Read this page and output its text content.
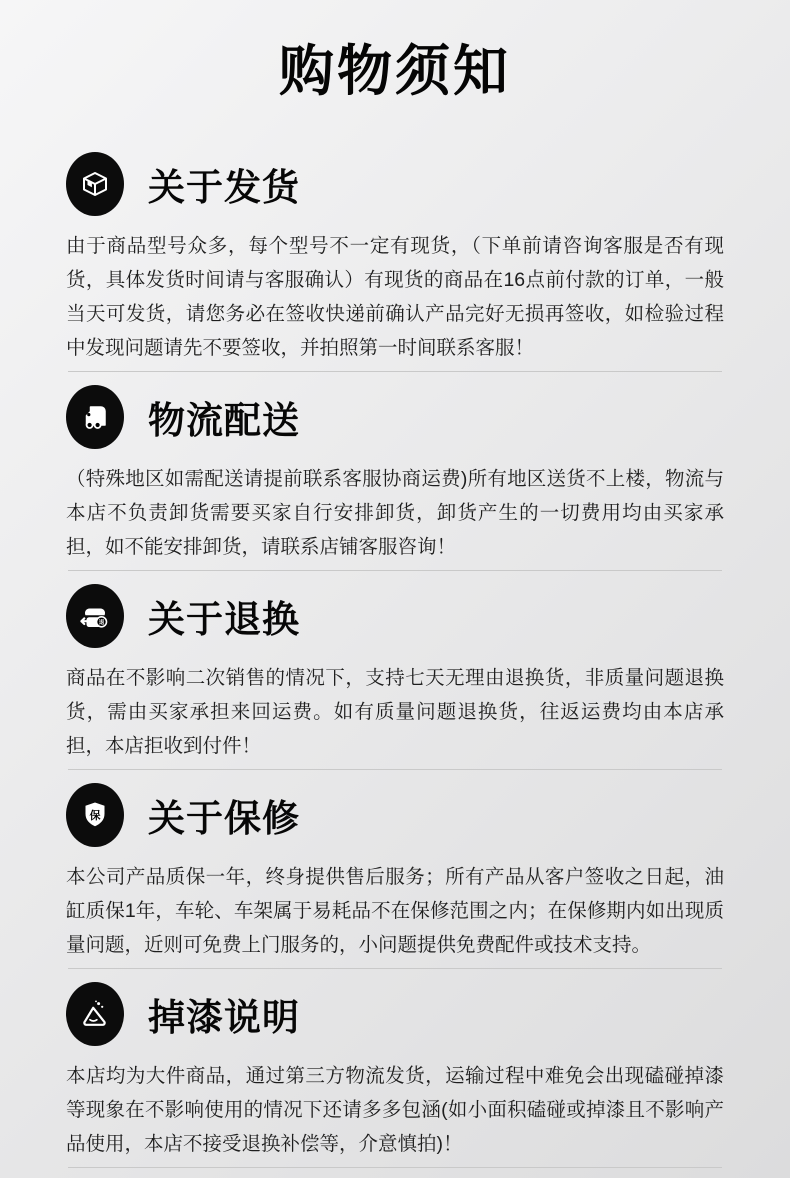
购物须知
关于发货

由于商品型号众多，每个型号不一定有现货，（下单前请咨询客服是否有现货，具体发货时间请与客服确认）有现货的商品在16点前付款的订单，一般当天可发货，请您务必在签收快递前确认产品完好无损再签收，如检验过程中发现问题请先不要签收，并拍照第一时间联系客服！

物流配送

（特殊地区如需配送请提前联系客服协商运费)所有地区送货不上楼，物流与本店不负责卸货需要买家自行安排卸货，卸货产生的一切费用均由买家承担，如不能安排卸货，请联系店铺客服咨询！

退 关于退换

商品在不影响二次销售的情况下，支持七天无理由退换货，非质量问题退换货，需由买家承担来回运费。如有质量问题退换货，往返运费均由本店承担，本店拒收到付件！

保 关于保修

本公司产品质保一年，终身提供售后服务；所有产品从客户签收之日起，油缸质保1年，车轮、车架属于易耗品不在保修范围之内；在保修期内如出现质量问题，近则可免费上门服务的，小问题提供免费配件或技术支持。

掉漆说明

本店均为大件商品，通过第三方物流发货，运输过程中难免会出现磕碰掉漆等现象在不影响使用的情况下还请多多包涵(如小面积磕碰或掉漆且不影响产品使用，本店不接受退换补偿等，介意慎拍)！
